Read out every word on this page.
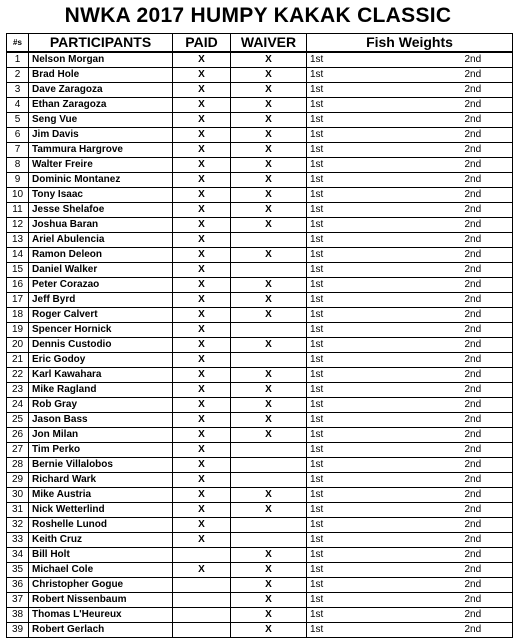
NWKA 2017 HUMPY KAKAK CLASSIC
#s	PARTICIPANTS	PAID	WAIVER	Fish Weights	
1	Nelson Morgan	X	X	1st	2nd
2	Brad Hole	X	X	1st	2nd
3	Dave Zaragoza	X	X	1st	2nd
4	Ethan Zaragoza	X	X	1st	2nd
5	Seng Vue	X	X	1st	2nd
6	Jim Davis	X	X	1st	2nd
7	Tammura Hargrove	X	X	1st	2nd
8	Walter Freire	X	X	1st	2nd
9	Dominic Montanez	X	X	1st	2nd
10	Tony Isaac	X	X	1st	2nd
11	Jesse Shelafoe	X	X	1st	2nd
12	Joshua Baran	X	X	1st	2nd
13	Ariel Abulencia	X		1st	2nd
14	Ramon Deleon	X	X	1st	2nd
15	Daniel Walker	X		1st	2nd
16	Peter Corazao	X	X	1st	2nd
17	Jeff Byrd	X	X	1st	2nd
18	Roger Calvert	X	X	1st	2nd
19	Spencer Hornick	X		1st	2nd
20	Dennis Custodio	X	X	1st	2nd
21	Eric Godoy	X		1st	2nd
22	Karl Kawahara	X	X	1st	2nd
23	Mike Ragland	X	X	1st	2nd
24	Rob Gray	X	X	1st	2nd
25	Jason Bass	X	X	1st	2nd
26	Jon Milan	X	X	1st	2nd
27	Tim Perko	X		1st	2nd
28	Bernie Villalobos	X		1st	2nd
29	Richard Wark	X		1st	2nd
30	Mike Austria	X	X	1st	2nd
31	Nick Wetterlind	X	X	1st	2nd
32	Roshelle Lunod	X		1st	2nd
33	Keith Cruz	X		1st	2nd
34	Bill Holt		X	1st	2nd
35	Michael Cole	X	X	1st	2nd
36	Christopher Gogue		X	1st	2nd
37	Robert Nissenbaum		X	1st	2nd
38	Thomas L'Heureux		X	1st	2nd
39	Robert Gerlach		X	1st	2nd
